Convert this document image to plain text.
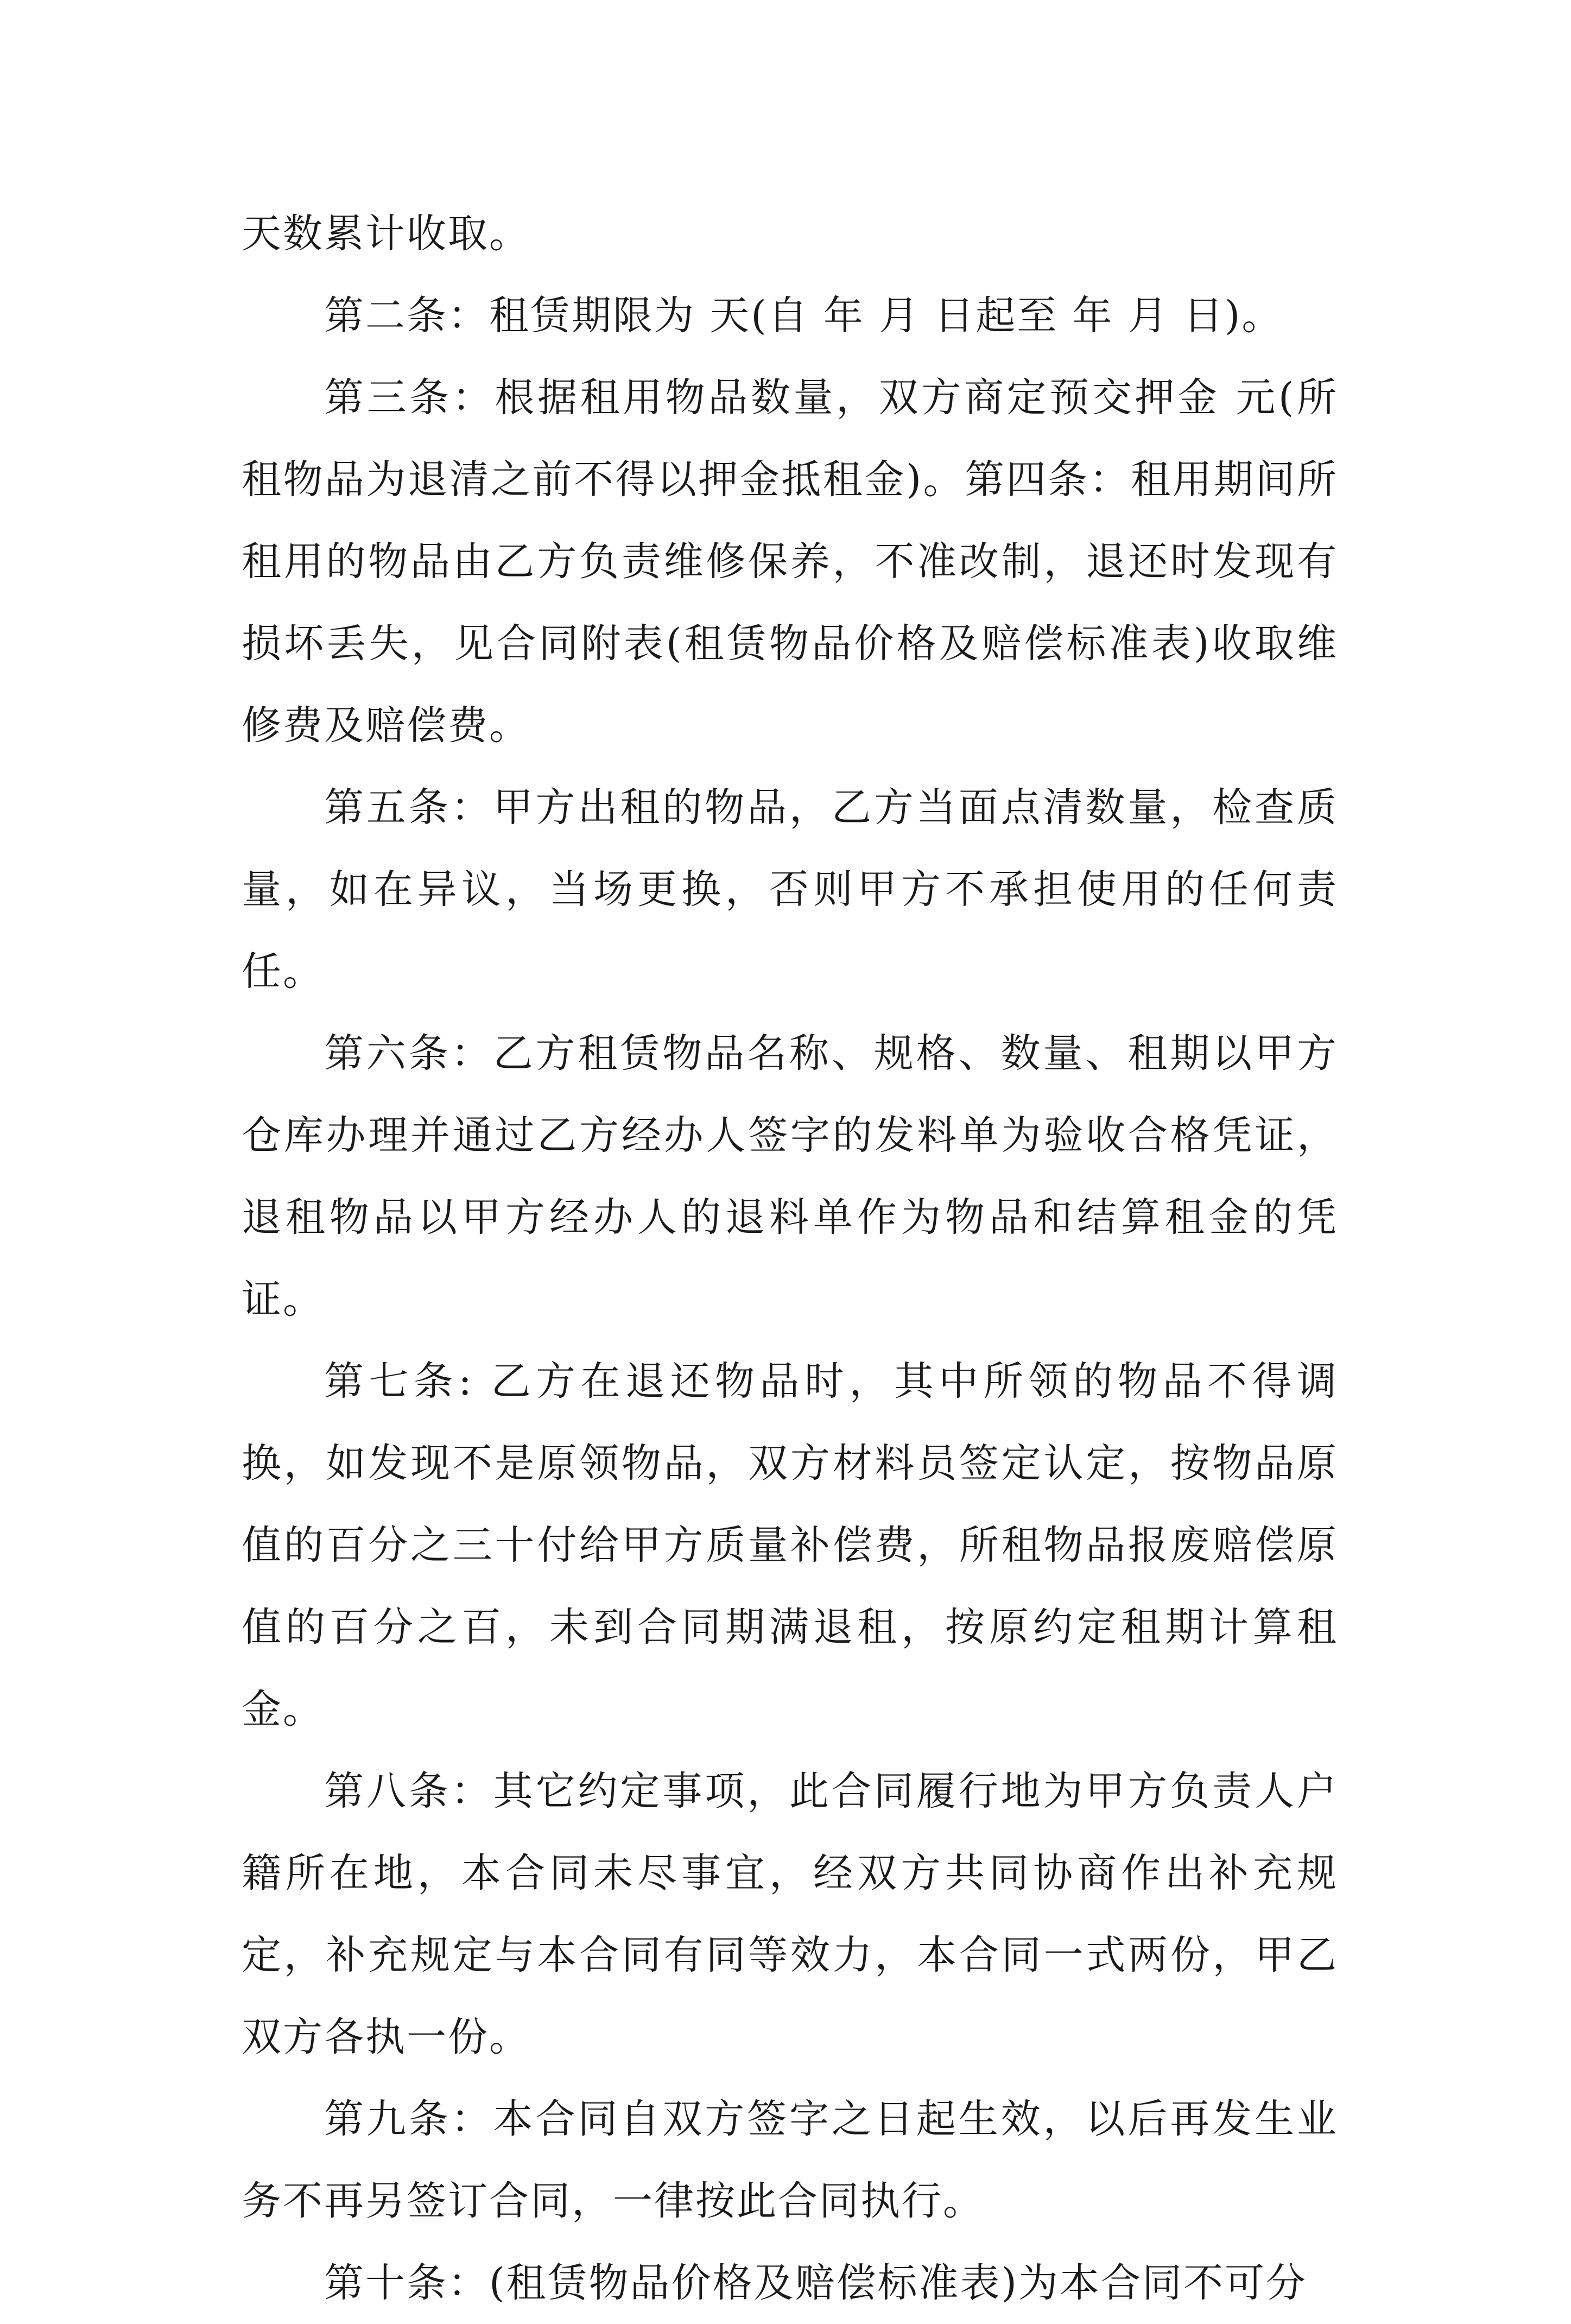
天数累计收取。

第二条：租赁期限为 天(自 年 月 日起至 年 月 日)。

第三条：根据租用物品数量，双方商定预交押金 元(所租物品为退清之前不得以押金抵租金)。第四条：租用期间所租用的物品由乙方负责维修保养，不准改制，退还时发现有损坏丢失，见合同附表(租赁物品价格及赔偿标准表)收取维修费及赔偿费。

第五条：甲方出租的物品，乙方当面点清数量，检查质量，如在异议，当场更换，否则甲方不承担使用的任何责任。

第六条：乙方租赁物品名称、规格、数量、租期以甲方仓库办理并通过乙方经办人签字的发料单为验收合格凭证，退租物品以甲方经办人的退料单作为物品和结算租金的凭证。

第七条: 乙方在退还物品时，其中所领的物品不得调换，如发现不是原领物品，双方材料员签定认定，按物品原值的百分之三十付给甲方质量补偿费，所租物品报废赔偿原值的百分之百，未到合同期满退租，按原约定租期计算租金。

第八条：其它约定事项，此合同履行地为甲方负责人户籍所在地，本合同未尽事宜，经双方共同协商作出补充规定，补充规定与本合同有同等效力，本合同一式两份，甲乙双方各执一份。

第九条：本合同自双方签字之日起生效，以后再发生业务不再另签订合同，一律按此合同执行。

第十条：(租赁物品价格及赔偿标准表)为本合同不可分
